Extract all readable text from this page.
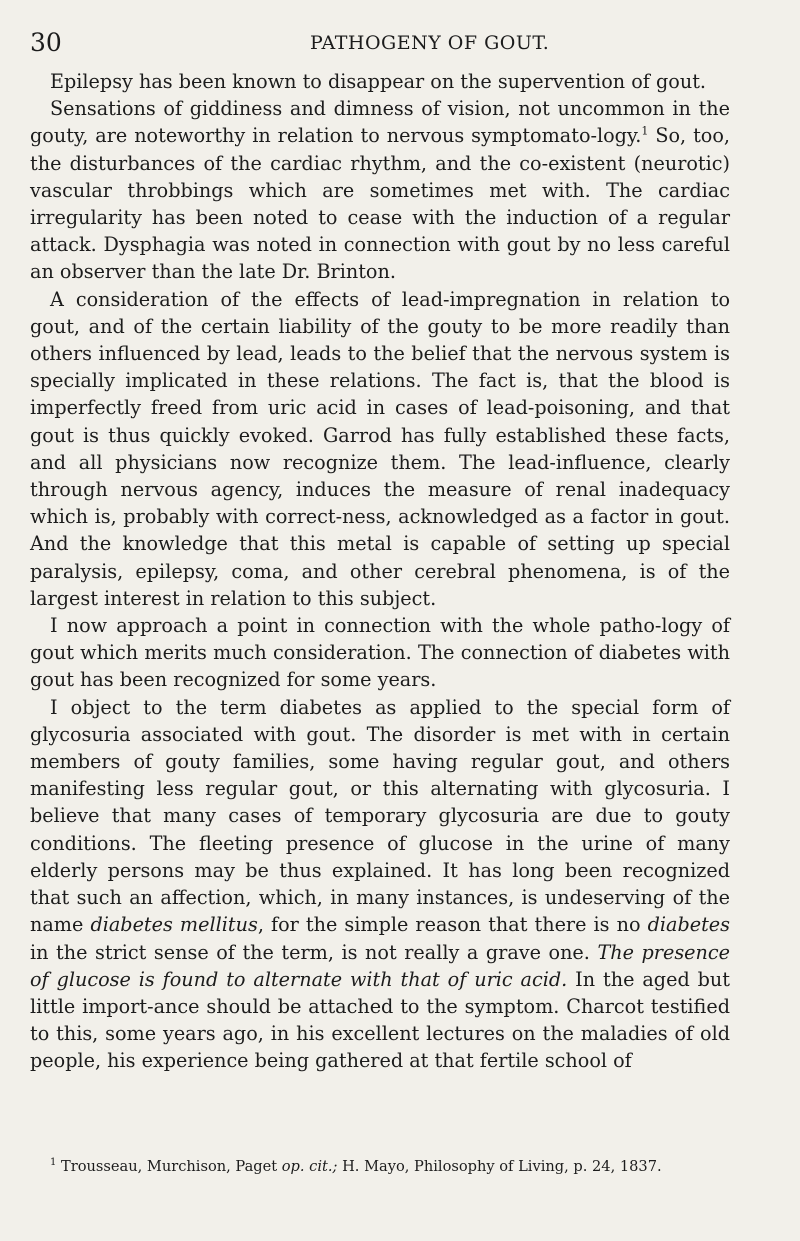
30	PATHOGENY OF GOUT.

Epilepsy has been known to disappear on the supervention of gout.

Sensations of giddiness and dimness of vision, not uncommon in the gouty, are noteworthy in relation to nervous symptomato-logy.$^1$ So, too, the disturbances of the cardiac rhythm, and the co-existent (neurotic) vascular throbbings which are sometimes met with. The cardiac irregularity has been noted to cease with the induction of a regular attack. Dysphagia was noted in connection with gout by no less careful an observer than the late Dr. Brinton.

A consideration of the effects of lead-impregnation in relation to gout, and of the certain liability of the gouty to be more readily than others influenced by lead, leads to the belief that the nervous system is specially implicated in these relations. The fact is, that the blood is imperfectly freed from uric acid in cases of lead-poisoning, and that gout is thus quickly evoked. Garrod has fully established these facts, and all physicians now recognize them. The lead-influence, clearly through nervous agency, induces the measure of renal inadequacy which is, probably with correct-ness, acknowledged as a factor in gout. And the knowledge that this metal is capable of setting up special paralysis, epilepsy, coma, and other cerebral phenomena, is of the largest interest in relation to this subject.

I now approach a point in connection with the whole patho-logy of gout which merits much consideration. The connection of diabetes with gout has been recognized for some years.

I object to the term diabetes as applied to the special form of glycosuria associated with gout. The disorder is met with in certain members of gouty families, some having regular gout, and others manifesting less regular gout, or this alternating with glycosuria. I believe that many cases of temporary glycosuria are due to gouty conditions. The fleeting presence of glucose in the urine of many elderly persons may be thus explained. It has long been recognized that such an affection, which, in many instances, is undeserving of the name diabetes mellitus, for the simple reason that there is no diabetes in the strict sense of the term, is not really a grave one. The presence of glucose is found to alternate with that of uric acid. In the aged but little import-ance should be attached to the symptom. Charcot testified to this, some years ago, in his excellent lectures on the maladies of old people, his experience being gathered at that fertile school of

$^1$ Trousseau, Murchison, Paget op. cit.; H. Mayo, Philosophy of Living, p. 24, 1837.
